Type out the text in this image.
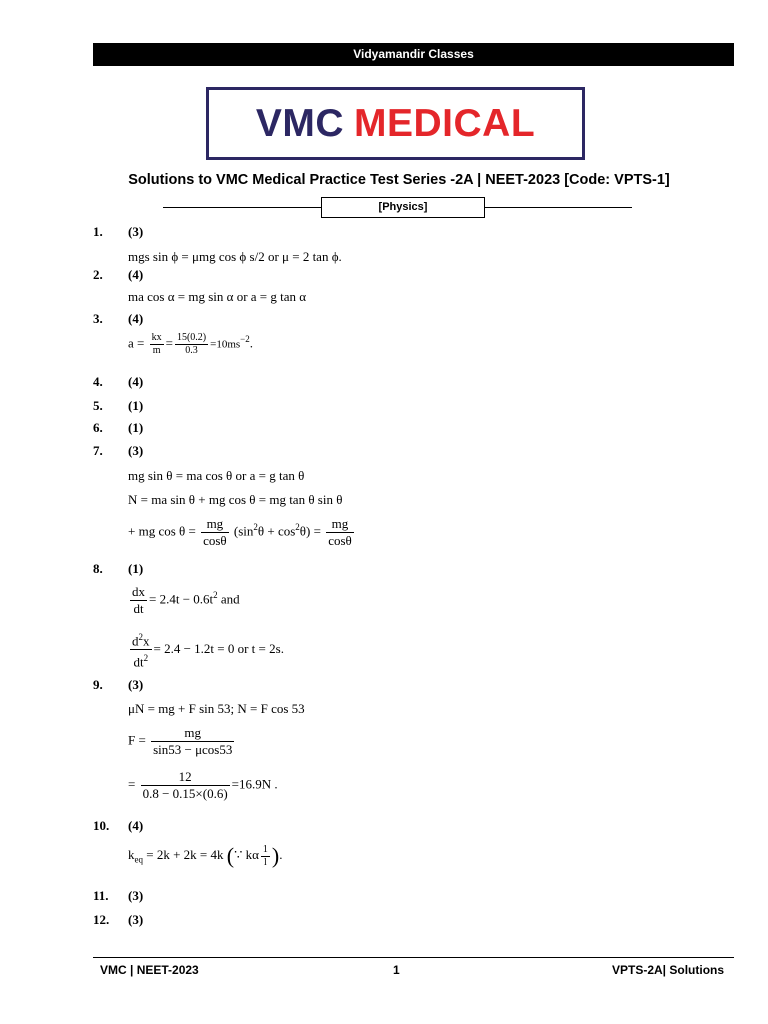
Vidyamandir Classes
VMC MEDICAL
Solutions to VMC Medical Practice Test Series -2A | NEET-2023 [Code: VPTS-1]
[Physics]
1. (3)
mgs sin ϕ = μmg cos ϕ s/2 or μ = 2 tan ϕ.
2. (4)
ma cos α = mg sin α or a = g tan α
3. (4)
$a = \frac{kx}{m} = \frac{15(0.2)}{0.3} =10ms^{-2}$.
4. (4)
5. (1)
6. (1)
7. (3)
mg sin θ = ma cos θ or a = g tan θ
N = ma sin θ + mg cos θ = mg tan θ sin θ
+ mg $\cos \theta = \frac{mg}{\cos\theta} (\sin^2\theta + \cos^2\theta) = \frac{mg}{\cos\theta}$
8. (1)
$\frac{dx}{dt} = 2.4t - 0.6t^2$ and
$\frac{d^2x}{dt^2} = 2.4 - 1.2t = 0$ or t = 2s.
9. (3)
μN = mg + F sin 53; N = F cos 53
$F = \frac{mg}{\sin 53 - \mu\cos 53}$
= $\frac{12}{0.8 - 0.15\times(0.6)} =16.9N$ .
10. (4)
$k_{eq} = 2k + 2k = 4k$ (∵ kα $\frac{1}{l}$ ).
11. (3)
12. (3)
VMC | NEET-2023	1	VPTS-2A| Solutions
